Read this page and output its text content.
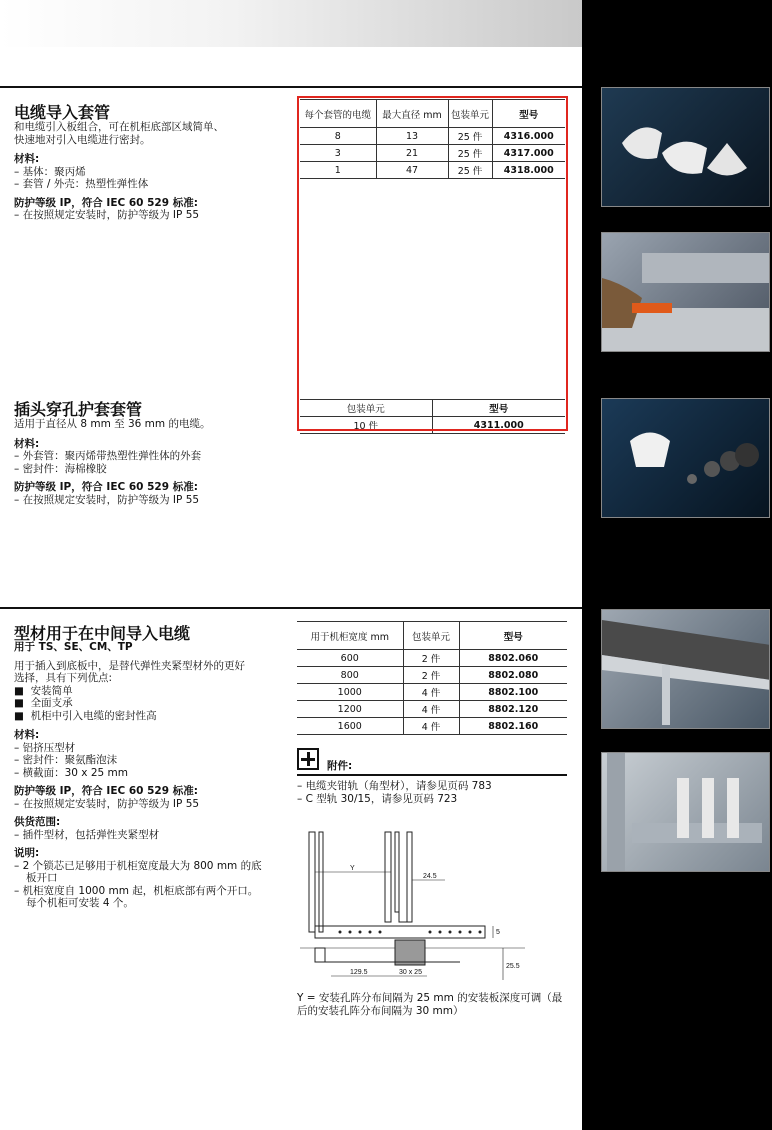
电缆导入套管
和电缆引入板组合，可在机柜底部区域简单、
快速地对引入电缆进行密封。
材料:
– 基体：聚丙烯
– 套管 / 外壳：热塑性弹性体
防护等级 IP，符合 IEC 60 529 标准:
– 在按照规定安装时，防护等级为 IP 55
每个套管的电缆	最大直径 mm	包装单元	型号
8	13	25 件	4316.000
3	21	25 件	4317.000
1	47	25 件	4318.000
插头穿孔护套套管
适用于直径从 8 mm 至 36 mm 的电缆。
材料:
– 外套管：聚丙烯带热塑性弹性体的外套
– 密封件：海棉橡胶
防护等级 IP，符合 IEC 60 529 标准:
– 在按照规定安装时，防护等级为 IP 55
包装单元	型号
10 件	4311.000
型材用于在中间导入电缆
用于 TS、SE、CM、TP
用于插入到底板中，是替代弹性夹紧型材外的更好
选择，具有下列优点:
■  安装简单
■  全面支承
■  机柜中引入电缆的密封性高
材料:
– 铝挤压型材
– 密封件：聚氨酯泡沫
– 横截面：30 x 25 mm
防护等级 IP，符合 IEC 60 529 标准:
– 在按照规定安装时，防护等级为 IP 55
供货范围:
– 插件型材，包括弹性夹紧型材
说明:
– 2 个锁芯已足够用于机柜宽度最大为 800 mm 的底板开口
– 机柜宽度自 1000 mm 起，机柜底部有两个开口。每个机柜可安装 4 个。
用于机柜宽度 mm	包装单元	型号
600	2 件	8802.060
800	2 件	8802.080
1000	4 件	8802.100
1200	4 件	8802.120
1600	4 件	8802.160
附件:
– 电缆夹钳轨（角型材），请参见页码 783
– C 型轨 30/15，请参见页码 723
Y
24.5
129.5	30 x 25
5
25.5
Y = 安装孔阵分布间隔为 25 mm 的安装板深度可调（最后的安装孔阵分布间隔为 30 mm）
